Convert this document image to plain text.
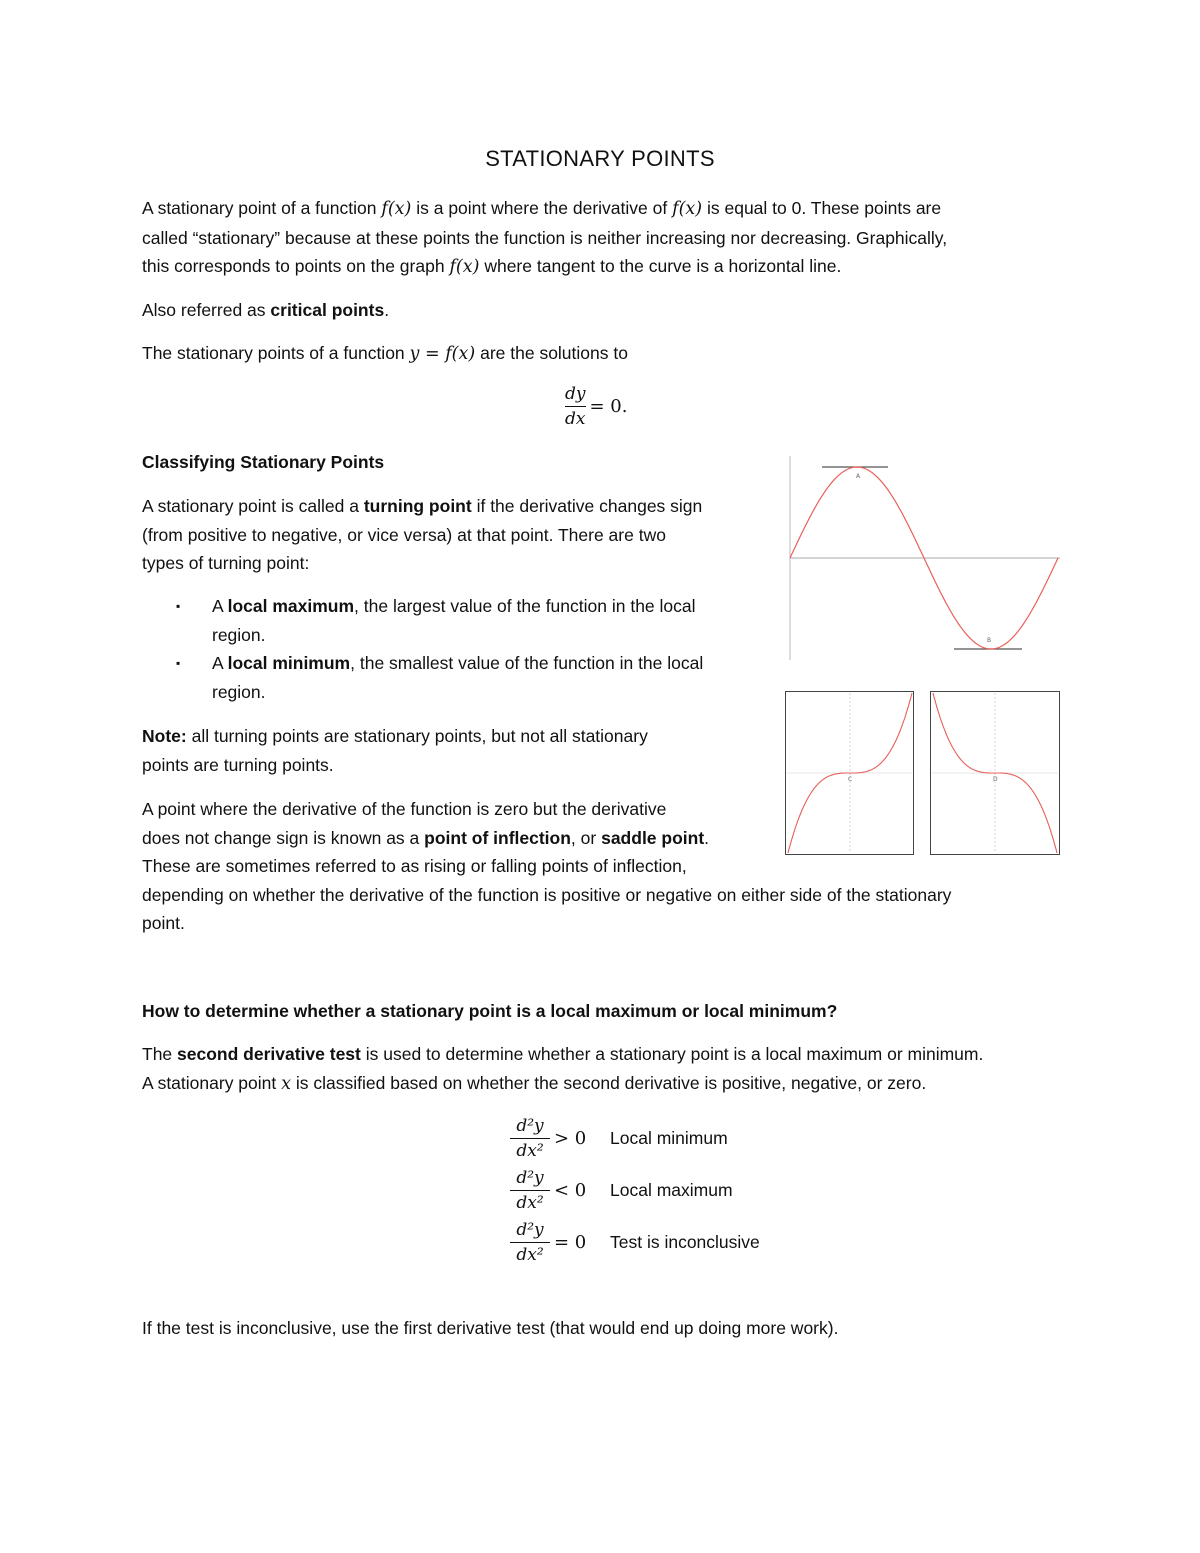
STATIONARY POINTS
A stationary point of a function f(x) is a point where the derivative of f(x) is equal to 0. These points are
called “stationary” because at these points the function is neither increasing nor decreasing. Graphically,
this corresponds to points on the graph f(x) where tangent to the curve is a horizontal line.
Also referred as critical points.
The stationary points of a function y = f(x) are the solutions to
$\frac{dy}{dx} = 0$.
Classifying Stationary Points
A stationary point is called a turning point if the derivative changes sign
(from positive to negative, or vice versa) at that point. There are two
types of turning point:
▪ A local maximum, the largest value of the function in the local
region.
▪ A local minimum, the smallest value of the function in the local
region.
Note: all turning points are stationary points, but not all stationary
points are turning points.
A point where the derivative of the function is zero but the derivative
does not change sign is known as a point of inflection, or saddle point.
These are sometimes referred to as rising or falling points of inflection,
depending on whether the derivative of the function is positive or negative on either side of the stationary
point.
A
B
C	D
How to determine whether a stationary point is a local maximum or local minimum?
The second derivative test is used to determine whether a stationary point is a local maximum or minimum.
A stationary point x is classified based on whether the second derivative is positive, negative, or zero.
$\frac{\text{d²y}}{\text{dx²}} > 0$	Local minimum
$\frac{\text{d²y}}{\text{dx²}} < 0$	Local maximum
$\frac{\text{d²y}}{\text{dx²}} = 0$	Test is inconclusive
If the test is inconclusive, use the first derivative test (that would end up doing more work).
